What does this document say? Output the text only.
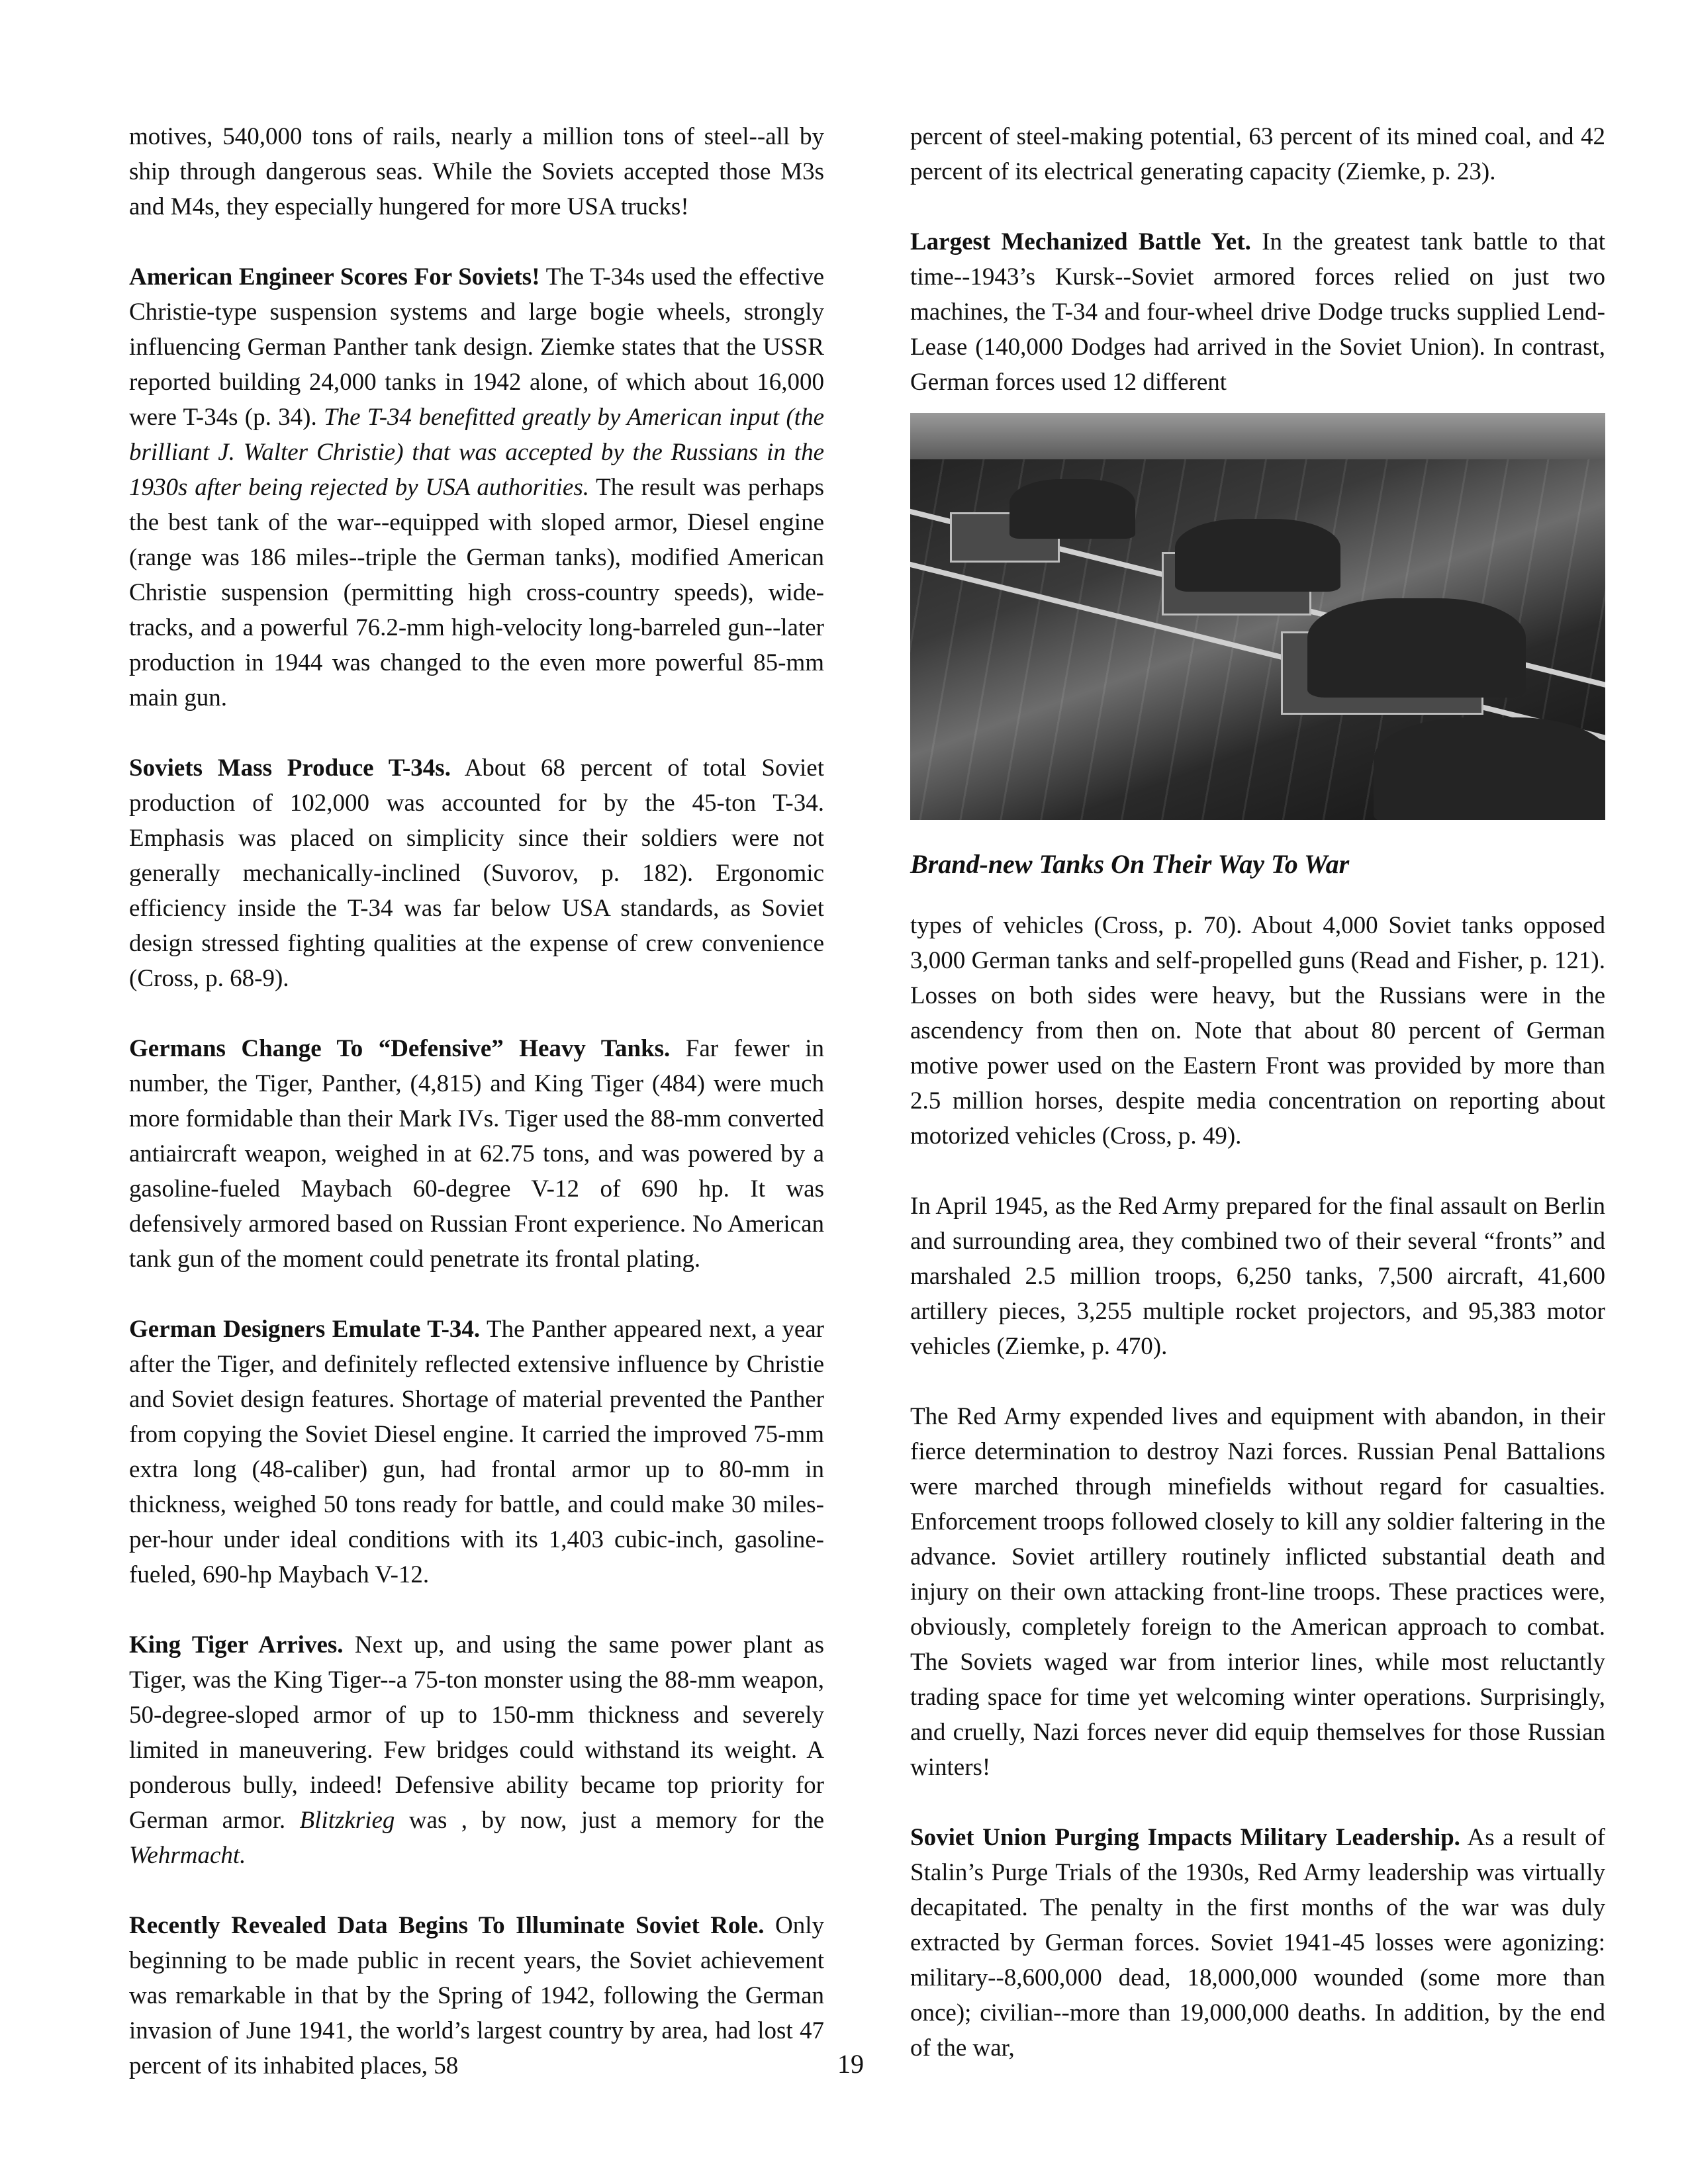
motives, 540,000 tons of rails, nearly a million tons of steel--all by ship through dangerous seas. While the Soviets accepted those M3s and M4s, they especially hungered for more USA trucks!

American Engineer Scores For Soviets! The T-34s used the effective Christie-type suspension systems and large bogie wheels, strongly influencing German Panther tank design. Ziemke states that the USSR reported building 24,000 tanks in 1942 alone, of which about 16,000 were T-34s (p. 34). The T-34 benefitted greatly by American input (the brilliant J. Walter Christie) that was accepted by the Russians in the 1930s after being rejected by USA authorities. The result was perhaps the best tank of the war--equipped with sloped armor, Diesel engine (range was 186 miles--triple the German tanks), modified American Christie suspension (permitting high cross-country speeds), wide-tracks, and a powerful 76.2-mm high-velocity long-barreled gun--later production in 1944 was changed to the even more powerful 85-mm main gun.

Soviets Mass Produce T-34s. About 68 percent of total Soviet production of 102,000 was accounted for by the 45-ton T-34. Emphasis was placed on simplicity since their soldiers were not generally mechanically-inclined (Suvorov, p. 182). Ergonomic efficiency inside the T-34 was far below USA standards, as Soviet design stressed fighting qualities at the expense of crew convenience (Cross, p. 68-9).

Germans Change To “Defensive” Heavy Tanks. Far fewer in number, the Tiger, Panther, (4,815) and King Tiger (484) were much more formidable than their Mark IVs. Tiger used the 88-mm converted antiaircraft weapon, weighed in at 62.75 tons, and was powered by a gasoline-fueled Maybach 60-degree V-12 of 690 hp. It was defensively armored based on Russian Front experience. No American tank gun of the moment could penetrate its frontal plating.

German Designers Emulate T-34. The Panther appeared next, a year after the Tiger, and definitely reflected extensive influence by Christie and Soviet design features. Shortage of material prevented the Panther from copying the Soviet Diesel engine. It carried the improved 75-mm extra long (48-caliber) gun, had frontal armor up to 80-mm in thickness, weighed 50 tons ready for battle, and could make 30 miles-per-hour under ideal conditions with its 1,403 cubic-inch, gasoline-fueled, 690-hp Maybach V-12.

King Tiger Arrives. Next up, and using the same power plant as Tiger, was the King Tiger--a 75-ton monster using the 88-mm weapon, 50-degree-sloped armor of up to 150-mm thickness and severely limited in maneuvering. Few bridges could withstand its weight. A ponderous bully, indeed! Defensive ability became top priority for German armor. Blitzkrieg was , by now, just a memory for the Wehrmacht.

Recently Revealed Data Begins To Illuminate Soviet Role. Only beginning to be made public in recent years, the Soviet achievement was remarkable in that by the Spring of 1942, following the German invasion of June 1941, the world’s largest country by area, had lost 47 percent of its inhabited places, 58

percent of steel-making potential, 63 percent of its mined coal, and 42 percent of its electrical generating capacity (Ziemke, p. 23).

Largest Mechanized Battle Yet. In the greatest tank battle to that time--1943’s Kursk--Soviet armored forces relied on just two machines, the T-34 and four-wheel drive Dodge trucks supplied Lend-Lease (140,000 Dodges had arrived in the Soviet Union). In contrast, German forces used 12 different

Brand-new Tanks On Their Way To War

types of vehicles (Cross, p. 70). About 4,000 Soviet tanks opposed 3,000 German tanks and self-propelled guns (Read and Fisher, p. 121). Losses on both sides were heavy, but the Russians were in the ascendency from then on. Note that about 80 percent of German motive power used on the Eastern Front was provided by more than 2.5 million horses, despite media concentration on reporting about motorized vehicles (Cross, p. 49).

In April 1945, as the Red Army prepared for the final assault on Berlin and surrounding area, they combined two of their several “fronts” and marshaled 2.5 million troops, 6,250 tanks, 7,500 aircraft, 41,600 artillery pieces, 3,255 multiple rocket projectors, and 95,383 motor vehicles (Ziemke, p. 470).

The Red Army expended lives and equipment with abandon, in their fierce determination to destroy Nazi forces. Russian Penal Battalions were marched through minefields without regard for casualties. Enforcement troops followed closely to kill any soldier faltering in the advance. Soviet artillery routinely inflicted substantial death and injury on their own attacking front-line troops. These practices were, obviously, completely foreign to the American approach to combat. The Soviets waged war from interior lines, while most reluctantly trading space for time yet welcoming winter operations. Surprisingly, and cruelly, Nazi forces never did equip themselves for those Russian winters!

Soviet Union Purging Impacts Military Leadership. As a result of Stalin’s Purge Trials of the 1930s, Red Army leadership was virtually decapitated. The penalty in the first months of the war was duly extracted by German forces. Soviet 1941-45 losses were agonizing: military--8,600,000 dead, 18,000,000 wounded (some more than once); civilian--more than 19,000,000 deaths. In addition, by the end of the war,

19
